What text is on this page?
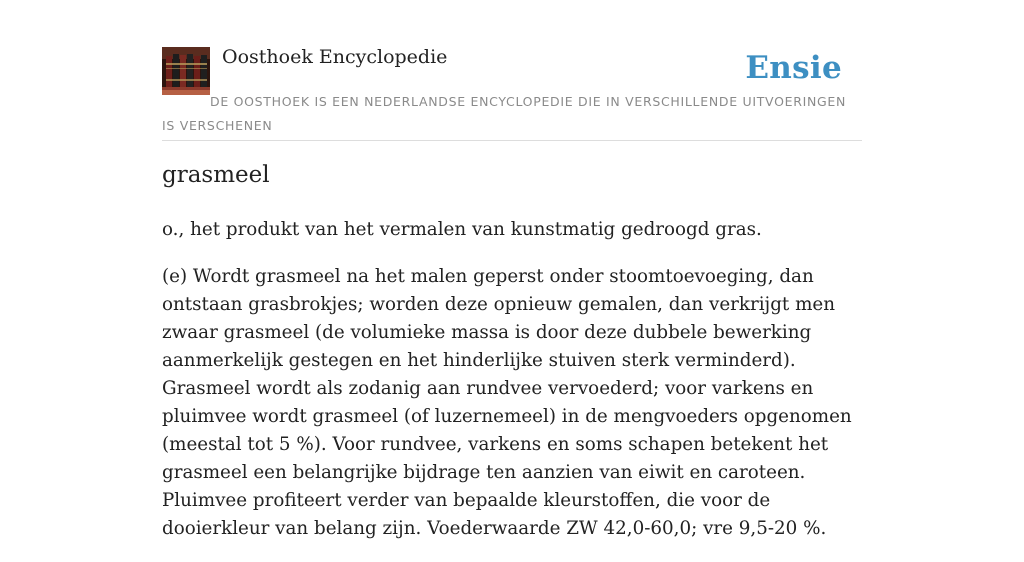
Oosthoek Encyclopedie	Ensie
DE OOSTHOEK IS EEN NEDERLANDSE ENCYCLOPEDIE DIE IN VERSCHILLENDE UITVOERINGEN IS VERSCHENEN
grasmeel

o., het produkt van het vermalen van kunstmatig gedroogd gras.

(e) Wordt grasmeel na het malen geperst onder stoomtoevoeging, dan ontstaan grasbrokjes; worden deze opnieuw gemalen, dan verkrijgt men zwaar grasmeel (de volumieke massa is door deze dubbele bewerking aanmerkelijk gestegen en het hinderlijke stuiven sterk verminderd). Grasmeel wordt als zodanig aan rundvee vervoederd; voor varkens en pluimvee wordt grasmeel (of luzernemeel) in de mengvoeders opgenomen (meestal tot 5 %). Voor rundvee, varkens en soms schapen betekent het grasmeel een belangrijke bijdrage ten aanzien van eiwit en caroteen. Pluimvee profiteert verder van bepaalde kleurstoffen, die voor de dooierkleur van belang zijn. Voederwaarde ZW 42,0-60,0; vre 9,5-20 %.
